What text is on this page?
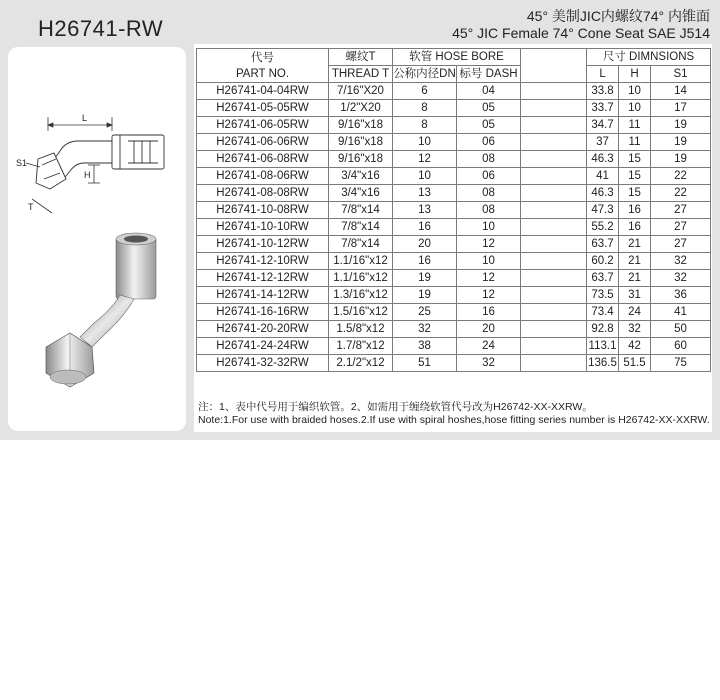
H26741-RW	45° 美制JIC内螺纹74° 内锥面
45° JIC Female 74° Cone Seat SAE J514
L
H
S1
T
代号
PART NO.	螺纹T	软管 HOSE BORE			尺寸 DIMNSIONS		
	THREAD T	公称内径DN	标号 DASH		L	H	S1
H26741-04-04RW	7/16"X20	6	04		33.8	10	14
H26741-05-05RW	1/2"X20	8	05		33.7	10	17
H26741-06-05RW	9/16"x18	8	05		34.7	11	19
H26741-06-06RW	9/16"x18	10	06		37	11	19
H26741-06-08RW	9/16"x18	12	08		46.3	15	19
H26741-08-06RW	3/4"x16	10	06		41	15	22
H26741-08-08RW	3/4"x16	13	08		46.3	15	22
H26741-10-08RW	7/8"x14	13	08		47.3	16	27
H26741-10-10RW	7/8"x14	16	10		55.2	16	27
H26741-10-12RW	7/8"x14	20	12		63.7	21	27
H26741-12-10RW	1.1/16"x12	16	10		60.2	21	32
H26741-12-12RW	1.1/16"x12	19	12		63.7	21	32
H26741-14-12RW	1.3/16"x12	19	12		73.5	31	36
H26741-16-16RW	1.5/16"x12	25	16		73.4	24	41
H26741-20-20RW	1.5/8"x12	32	20		92.8	32	50
H26741-24-24RW	1.7/8"x12	38	24		113.1	42	60
H26741-32-32RW	2.1/2"x12	51	32		136.5	51.5	75
注：1、表中代号用于编织软管。2、如需用于缠绕软管代号改为H26742-XX-XXRW。
Note:1.For use with braided hoses.2.If use with spiral hoshes,hose fitting series number is H26742-XX-XXRW.
